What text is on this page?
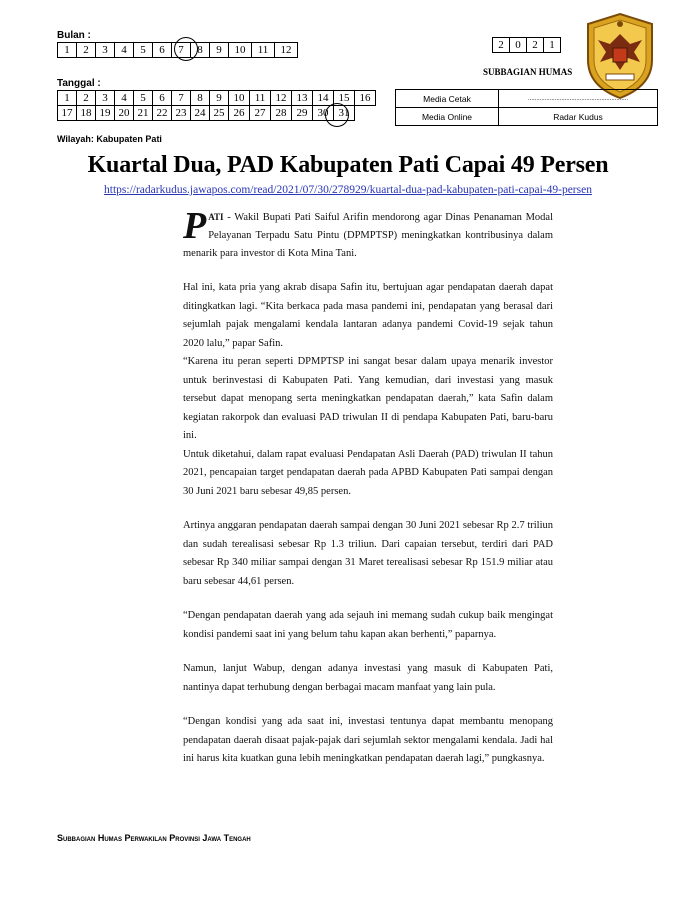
Bulan :
1	2	3	4	5	6	7	8	9	10	11	12
Tanggal :
1	2	3	4	5	6	7	8	9	10	11	12	13	14	15	16
17	18	19	20	21	22	23	24	25	26	27	28	29	30	31	
2	0	2	1
SUBBAGIAN HUMAS
Media Cetak	............................................................
Media Online	Radar Kudus
Wilayah: Kabupaten Pati
Kuartal Dua, PAD Kabupaten Pati Capai 49 Persen
https://radarkudus.jawapos.com/read/2021/07/30/278929/kuartal-dua-pad-kabupaten-pati-capai-49-persen

PATI - Wakil Bupati Pati Saiful Arifin mendorong agar Dinas Penanaman Modal Pelayanan Terpadu Satu Pintu (DPMPTSP) meningkatkan kontribusinya dalam menarik para investor di Kota Mina Tani.

Hal ini, kata pria yang akrab disapa Safin itu, bertujuan agar pendapatan daerah dapat ditingkatkan lagi. “Kita berkaca pada masa pandemi ini, pendapatan yang berasal dari sejumlah pajak mengalami kendala lantaran adanya pandemi Covid-19 sejak tahun 2020 lalu,” papar Safin.

“Karena itu peran seperti DPMPTSP ini sangat besar dalam upaya menarik investor untuk berinvestasi di Kabupaten Pati. Yang kemudian, dari investasi yang masuk tersebut dapat menopang serta meningkatkan pendapatan daerah,” kata Safin dalam kegiatan rakorpok dan evaluasi PAD triwulan II di pendapa Kabupaten Pati, baru-baru ini.

Untuk diketahui, dalam rapat evaluasi Pendapatan Asli Daerah (PAD) triwulan II tahun 2021, pencapaian target pendapatan daerah pada APBD Kabupaten Pati sampai dengan 30 Juni 2021 baru sebesar 49,85 persen.

Artinya anggaran pendapatan daerah sampai dengan 30 Juni 2021 sebesar Rp 2.7 triliun dan sudah terealisasi sebesar Rp 1.3 triliun. Dari capaian tersebut, terdiri dari PAD sebesar Rp 340 miliar sampai dengan 31 Maret terealisasi sebesar Rp 151.9 miliar atau baru sebesar 44,61 persen.

“Dengan pendapatan daerah yang ada sejauh ini memang sudah cukup baik mengingat kondisi pandemi saat ini yang belum tahu kapan akan berhenti,” paparnya.

Namun, lanjut Wabup, dengan adanya investasi yang masuk di Kabupaten Pati, nantinya dapat terhubung dengan berbagai macam manfaat yang lain pula.

“Dengan kondisi yang ada saat ini, investasi tentunya dapat membantu menopang pendapatan daerah disaat pajak-pajak dari sejumlah sektor mengalami kendala. Jadi hal ini harus kita kuatkan guna lebih meningkatkan pendapatan daerah lagi,” pungkasnya.

Subbagian Humas Perwakilan Provinsi Jawa Tengah
